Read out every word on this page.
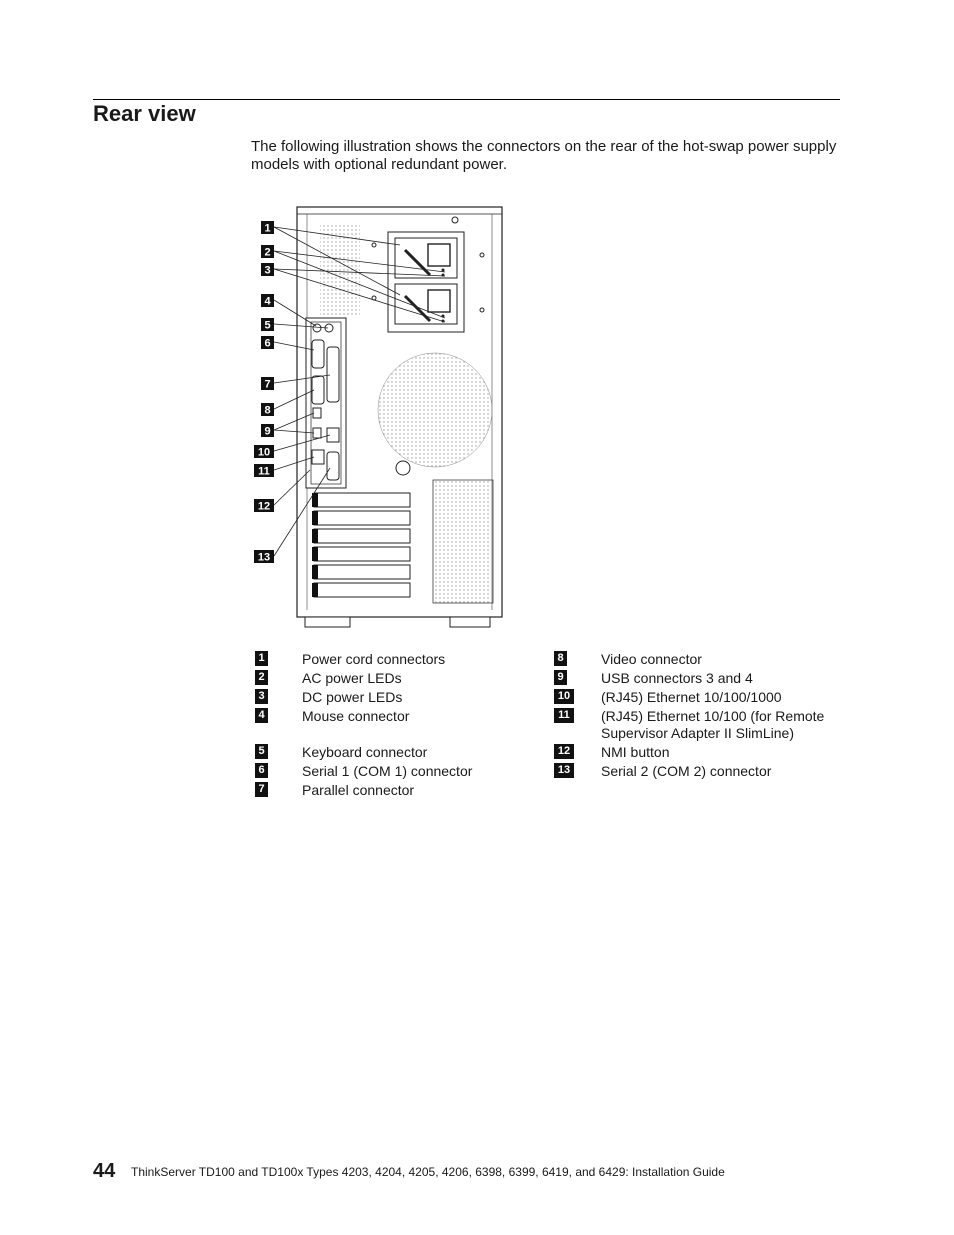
Rear view

The following illustration shows the connectors on the rear of the hot-swap power supply models with optional redundant power.

1
2
3
4
5
6
7
8
9
10
11
12
13
1	Power cord connectors
2	AC power LEDs
3	DC power LEDs
4	Mouse connector
5	Keyboard connector
6	Serial 1 (COM 1) connector
7	Parallel connector
8	Video connector
9	USB connectors 3 and 4
10 (RJ45) Ethernet 10/100/1000
11 (RJ45) Ethernet 10/100 (for Remote Supervisor Adapter II SlimLine)
12 NMI button
13 Serial 2 (COM 2) connector
44 ThinkServer TD100 and TD100x Types 4203, 4204, 4205, 4206, 6398, 6399, 6419, and 6429: Installation Guide
